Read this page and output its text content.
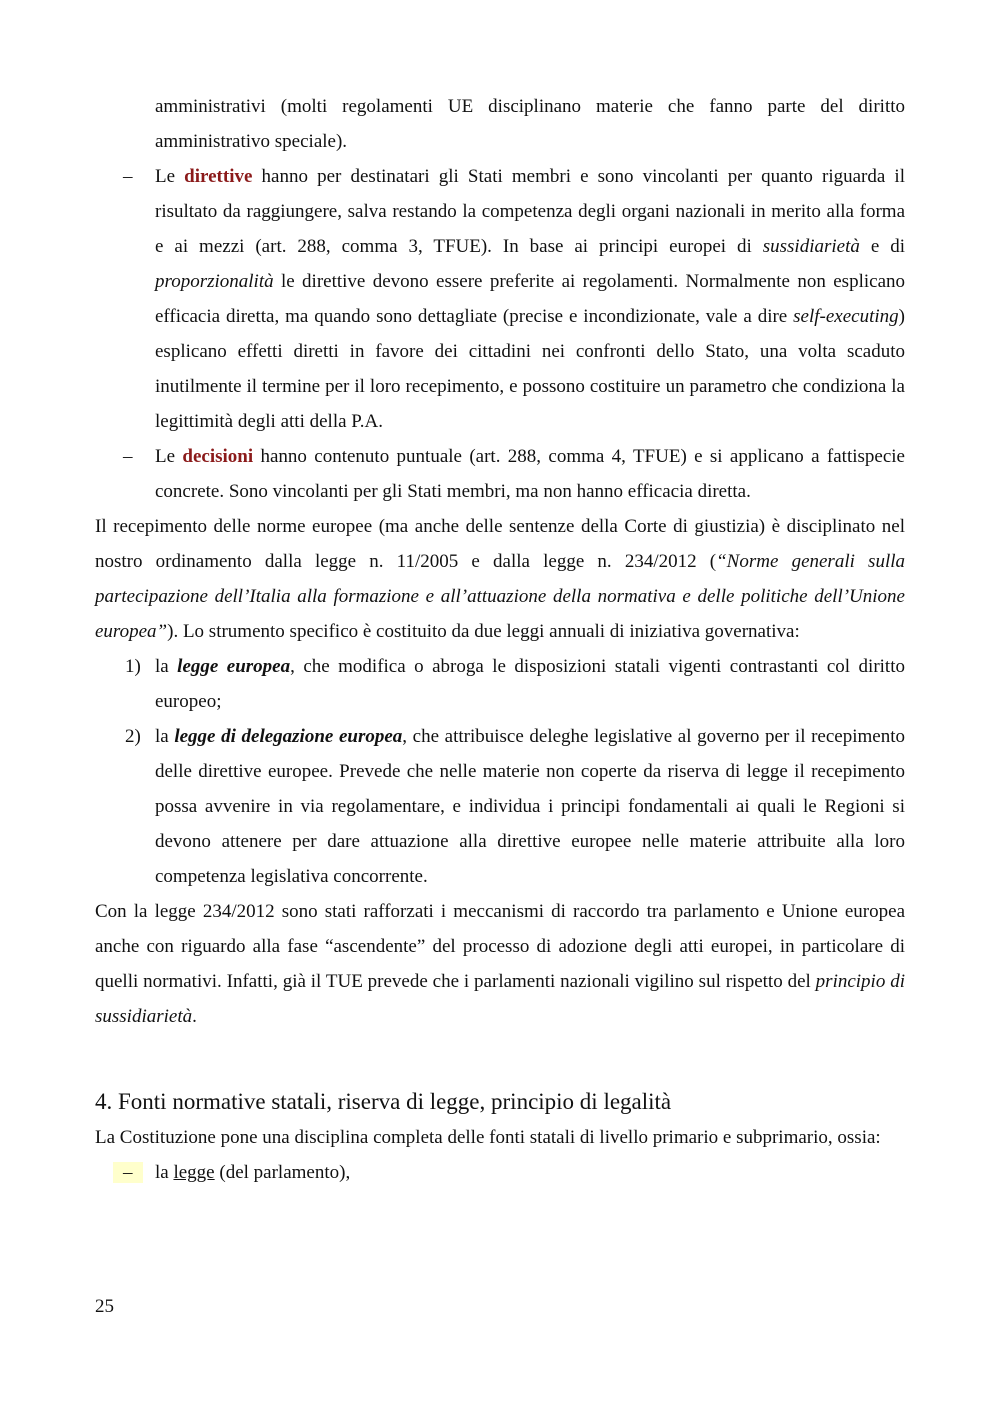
amministrativi (molti regolamenti UE disciplinano materie che fanno parte del diritto amministrativo speciale).

– Le direttive hanno per destinatari gli Stati membri e sono vincolanti per quanto riguarda il risultato da raggiungere, salva restando la competenza degli organi nazionali in merito alla forma e ai mezzi (art. 288, comma 3, TFUE). In base ai principi europei di sussidiarietà e di proporzionalità le direttive devono essere preferite ai regolamenti. Normalmente non esplicano efficacia diretta, ma quando sono dettagliate (precise e incondizionate, vale a dire self-executing) esplicano effetti diretti in favore dei cittadini nei confronti dello Stato, una volta scaduto inutilmente il termine per il loro recepimento, e possono costituire un parametro che condiziona la legittimità degli atti della P.A.
– Le decisioni hanno contenuto puntuale (art. 288, comma 4, TFUE) e si applicano a fattispecie concrete. Sono vincolanti per gli Stati membri, ma non hanno efficacia diretta.

Il recepimento delle norme europee (ma anche delle sentenze della Corte di giustizia) è disciplinato nel nostro ordinamento dalla legge n. 11/2005 e dalla legge n. 234/2012 (“Norme generali sulla partecipazione dell’Italia alla formazione e all’attuazione della normativa e delle politiche dell’Unione europea”). Lo strumento specifico è costituito da due leggi annuali di iniziativa governativa:

1) la legge europea, che modifica o abroga le disposizioni statali vigenti contrastanti col diritto europeo;
2) la legge di delegazione europea, che attribuisce deleghe legislative al governo per il recepimento delle direttive europee. Prevede che nelle materie non coperte da riserva di legge il recepimento possa avvenire in via regolamentare, e individua i principi fondamentali ai quali le Regioni si devono attenere per dare attuazione alla direttive europee nelle materie attribuite alla loro competenza legislativa concorrente.

Con la legge 234/2012 sono stati rafforzati i meccanismi di raccordo tra parlamento e Unione europea anche con riguardo alla fase “ascendente” del processo di adozione degli atti europei, in particolare di quelli normativi. Infatti, già il TUE prevede che i parlamenti nazionali vigilino sul rispetto del principio di sussidiarietà.

4. Fonti normative statali, riserva di legge, principio di legalità

La Costituzione pone una disciplina completa delle fonti statali di livello primario e subprimario, ossia:

–	la legge (del parlamento),
25
